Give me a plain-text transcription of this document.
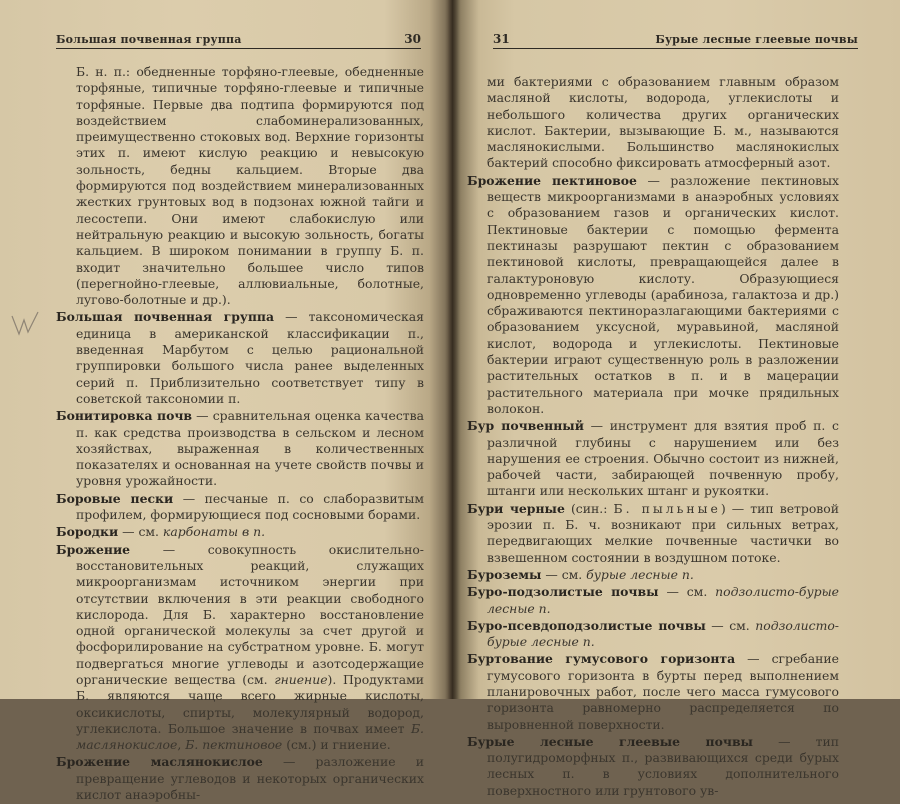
Большая почвенная группа	30

Б. н. п.: обедненные торфяно-глеевые, обедненные торфяные, типичные торфяно-глеевые и типичные торфяные. Первые два подтипа формируются под воздействием слабоминерализованных, преимущественно стоковых вод. Верхние горизонты этих п. имеют кислую реакцию и невысокую зольность, бедны кальцием. Вторые два формируются под воздействием минерализованных жестких грунтовых вод в подзонах южной тайги и лесостепи. Они имеют слабокислую или нейтральную реакцию и высокую зольность, богаты кальцием. В широком понимании в группу Б. п. входит значительно большее число типов (перегнойно-глеевые, аллювиальные, болотные, лугово-болотные и др.).

Большая почвенная группа — таксономическая единица в американской классификации п., введенная Марбутом с целью рациональной группировки большого числа ранее выделенных серий п. Приблизительно соответствует типу в советской таксономии п.

Бонитировка почв — сравнительная оценка качества п. как средства производства в сельском и лесном хозяйствах, выраженная в количественных показателях и основанная на учете свойств почвы и уровня урожайности.

Боровые пески — песчаные п. со слаборазвитым профилем, формирующиеся под сосновыми борами.

Бородки — см. карбонаты в п.

Брожение — совокупность окислительно-восстановительных реакций, служащих микроорганизмам источником энергии при отсутствии включения в эти реакции свободного кислорода. Для Б. характерно восстановление одной органической молекулы за счет другой и фосфорилирование на субстратном уровне. Б. могут подвергаться многие углеводы и азотсодержащие органические вещества (см. гниение). Продуктами Б. являются чаще всего жирные кислоты, оксикислоты, спирты, молекулярный водород, углекислота. Большое значение в почвах имеет Б. маслянокислое, Б. пектиновое (см.) и гниение.

Брожение маслянокислое — разложение и превращение углеводов и некоторых органических кислот анаэробны-

31	Бурые лесные глеевые почвы

ми бактериями с образованием главным образом масляной кислоты, водорода, углекислоты и небольшого количества других органических кислот. Бактерии, вызывающие Б. м., называются маслянокислыми. Большинство маслянокислых бактерий способно фиксировать атмосферный азот.

Брожение пектиновое — разложение пектиновых веществ микроорганизмами в анаэробных условиях с образованием газов и органических кислот. Пектиновые бактерии с помощью фермента пектиназы разрушают пектин с образованием пектиновой кислоты, превращающейся далее в галактуроновую кислоту. Образующиеся одновременно углеводы (арабиноза, галактоза и др.) сбраживаются пектиноразлагающими бактериями с образованием уксусной, муравьиной, масляной кислот, водорода и углекислоты. Пектиновые бактерии играют существенную роль в разложении растительных остатков в п. и в мацерации растительного материала при мочке прядильных волокон.

Бур почвенный — инструмент для взятия проб п. с различной глубины с нарушением или без нарушения ее строения. Обычно состоит из нижней, рабочей части, забирающей почвенную пробу, штанги или нескольких штанг и рукоятки.

Бури черные (син.: Б. пыльные) — тип ветровой эрозии п. Б. ч. возникают при сильных ветрах, передвигающих мелкие почвенные частички во взвешенном состоянии в воздушном потоке.

Буроземы — см. бурые лесные п.

Буро-подзолистые почвы — см. подзолисто-бурые лесные п.

Буро-псевдоподзолистые почвы — см. подзолисто-бурые лесные п.

Буртование гумусового горизонта — сгребание гумусового горизонта в бурты перед выполнением планировочных работ, после чего масса гумусового горизонта равномерно распределяется по выровненной поверхности.

Бурые лесные глеевые почвы — тип полугидроморфных п., развивающихся среди бурых лесных п. в условиях дополнительного поверхностного или грунтового ув-
